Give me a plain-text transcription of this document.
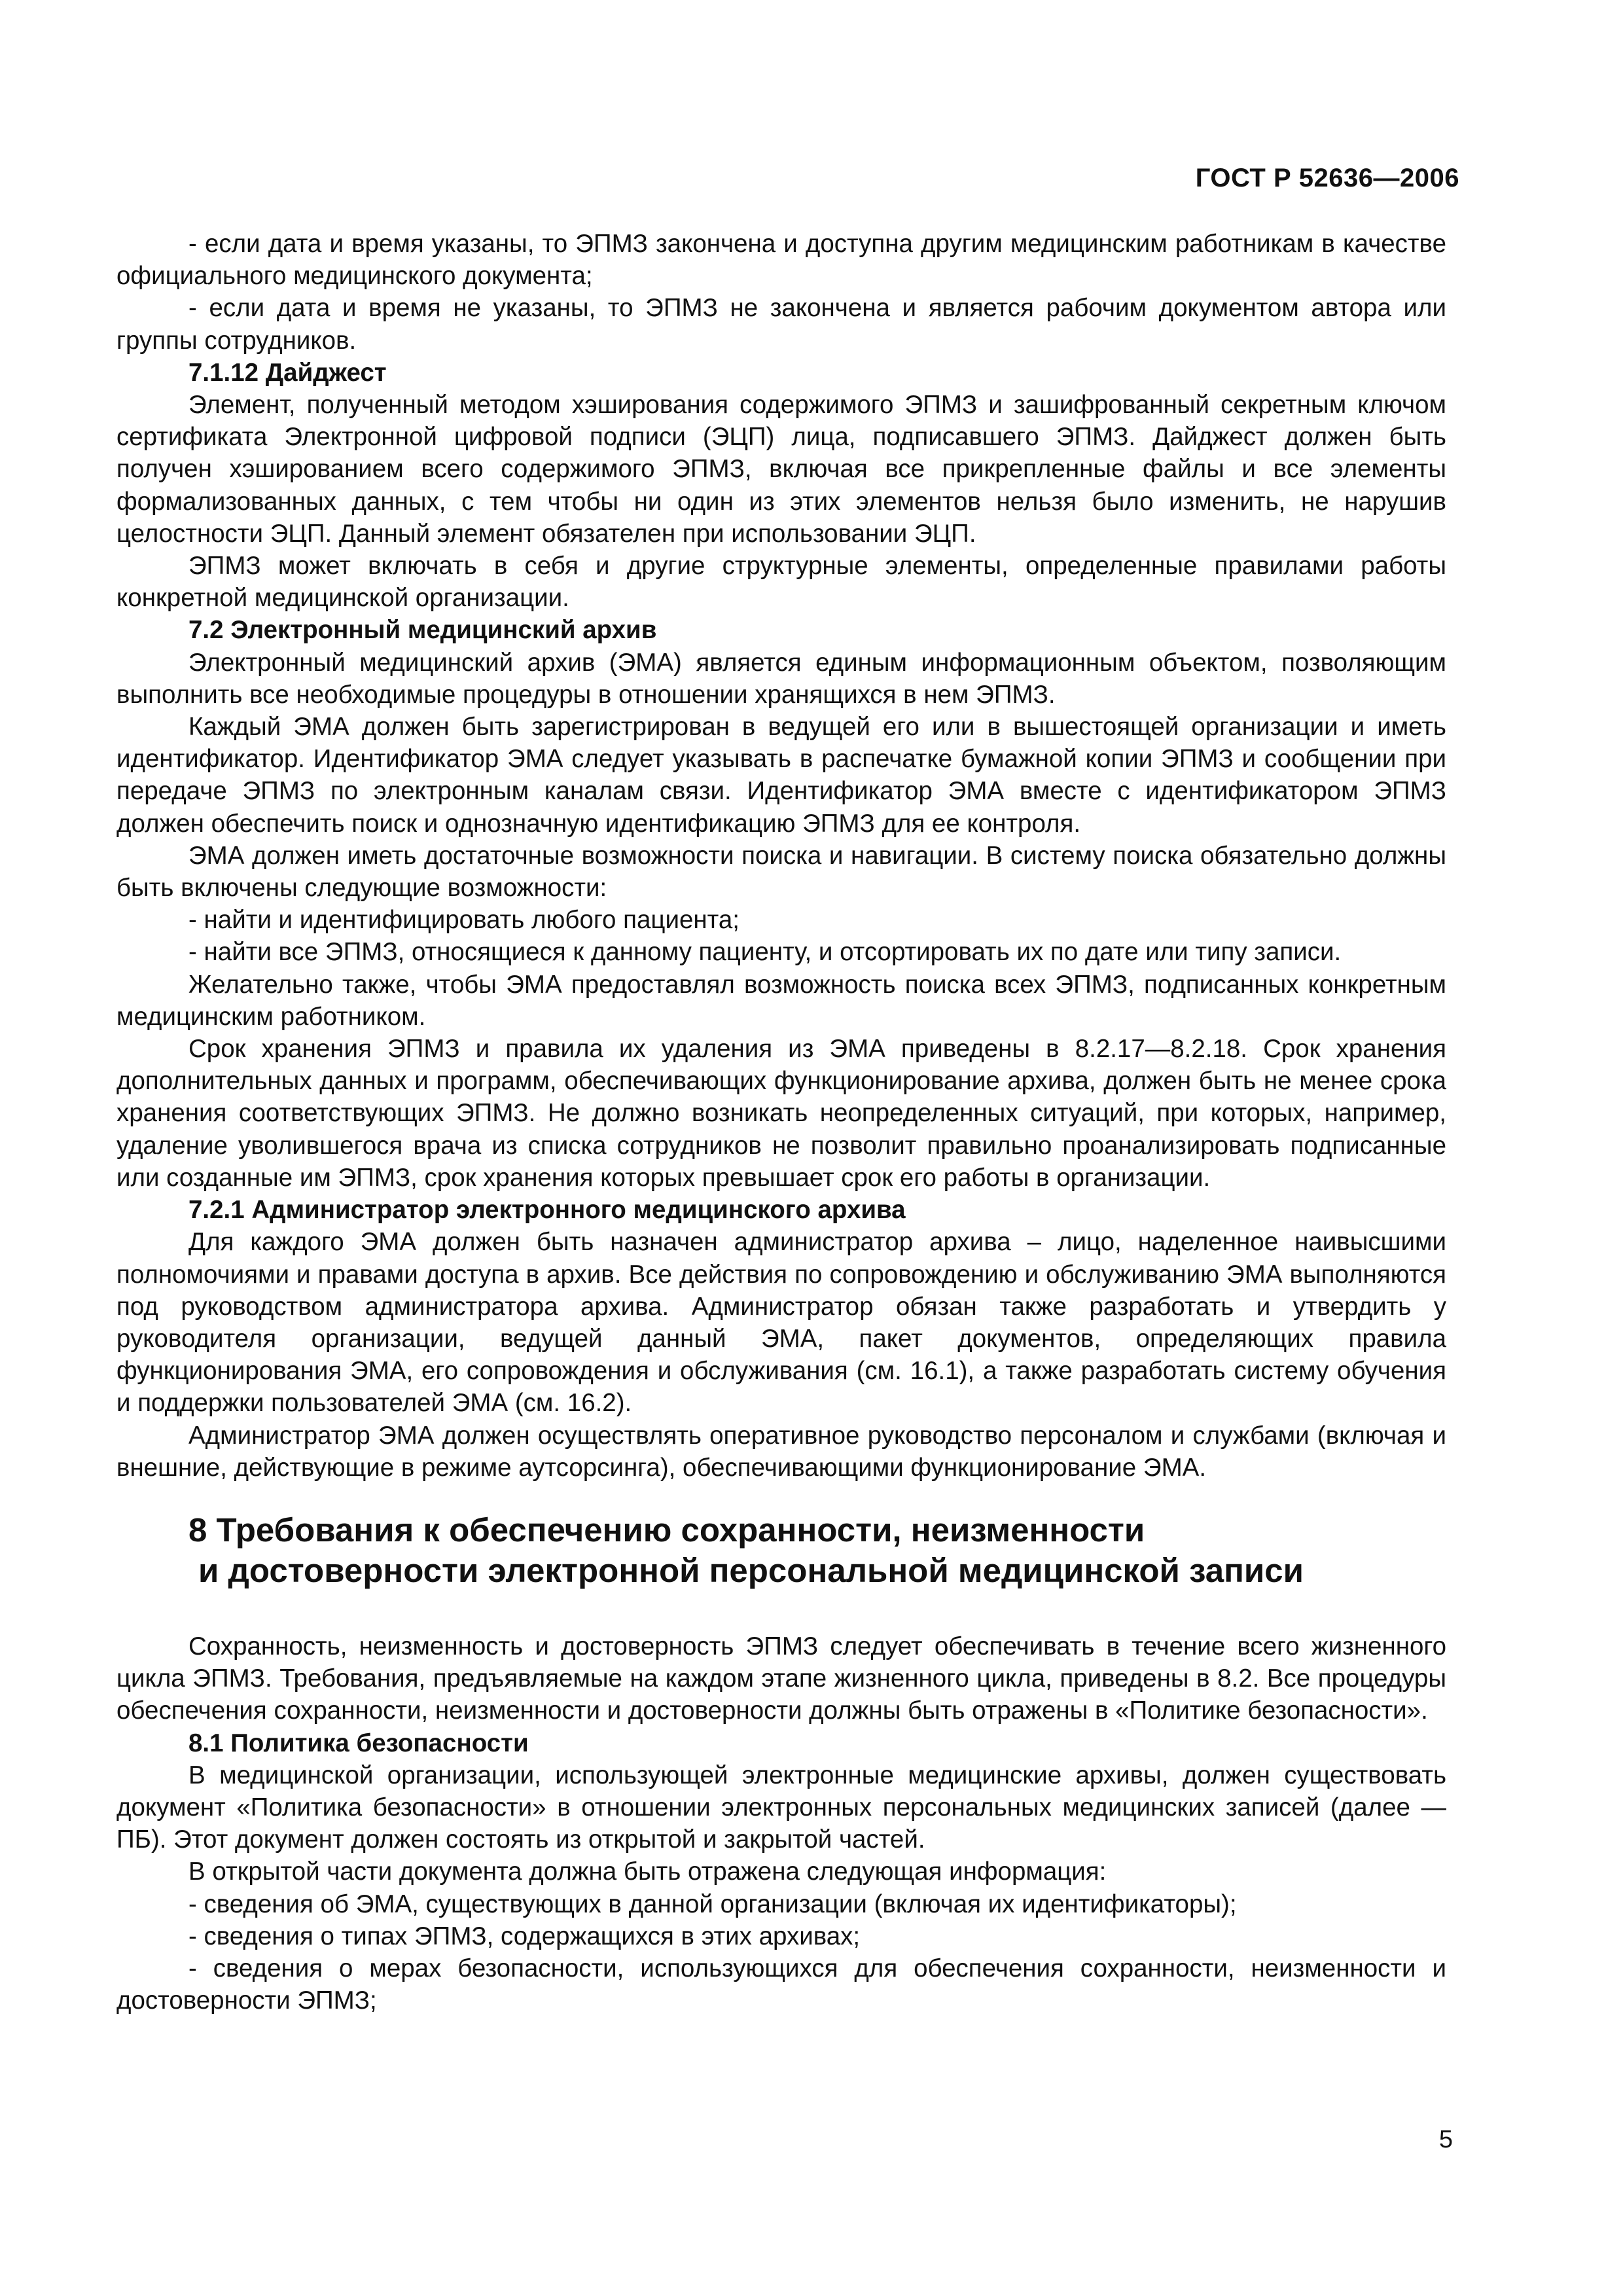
ГОСТ Р 52636—2006

- если дата и время указаны, то ЭПМЗ закончена и доступна другим медицинским работникам в качестве официального медицинского документа;

- если дата и время не указаны, то ЭПМЗ не закончена и является рабочим документом автора или группы сотрудников.

7.1.12 Дайджест

Элемент, полученный методом хэширования содержимого ЭПМЗ и зашифрованный секретным ключом сертификата Электронной цифровой подписи (ЭЦП) лица, подписавшего ЭПМЗ. Дайджест должен быть получен хэшированием всего содержимого ЭПМЗ, включая все прикрепленные файлы и все элементы формализованных данных, с тем чтобы ни один из этих элементов нельзя было изменить, не нарушив целостности ЭЦП. Данный элемент обязателен при использовании ЭЦП.

ЭПМЗ может включать в себя и другие структурные элементы, определенные правилами работы конкретной медицинской организации.

7.2 Электронный медицинский архив

Электронный медицинский архив (ЭМА) является единым информационным объектом, позволяющим выполнить все необходимые процедуры в отношении хранящихся в нем ЭПМЗ.

Каждый ЭМА должен быть зарегистрирован в ведущей его или в вышестоящей организации и иметь идентификатор. Идентификатор ЭМА следует указывать в распечатке бумажной копии ЭПМЗ и сообщении при передаче ЭПМЗ по электронным каналам связи. Идентификатор ЭМА вместе с идентификатором ЭПМЗ должен обеспечить поиск и однозначную идентификацию ЭПМЗ для ее контроля.

ЭМА должен иметь достаточные возможности поиска и навигации. В систему поиска обязательно должны быть включены следующие возможности:

- найти и идентифицировать любого пациента;

- найти все ЭПМЗ, относящиеся к данному пациенту, и отсортировать их по дате или типу записи.

Желательно также, чтобы ЭМА предоставлял возможность поиска всех ЭПМЗ, подписанных конкретным медицинским работником.

Срок хранения ЭПМЗ и правила их удаления из ЭМА приведены в 8.2.17—8.2.18. Срок хранения дополнительных данных и программ, обеспечивающих функционирование архива, должен быть не менее срока хранения соответствующих ЭПМЗ. Не должно возникать неопределенных ситуаций, при которых, например, удаление уволившегося врача из списка сотрудников не позволит правильно проанализировать подписанные или созданные им ЭПМЗ, срок хранения которых превышает срок его работы в организации.

7.2.1 Администратор электронного медицинского архива

Для каждого ЭМА должен быть назначен администратор архива – лицо, наделенное наивысшими полномочиями и правами доступа в архив. Все действия по сопровождению и обслуживанию ЭМА выполняются под руководством администратора архива. Администратор обязан также разработать и утвердить у руководителя организации, ведущей данный ЭМА, пакет документов, определяющих правила функционирования ЭМА, его сопровождения и обслуживания (см. 16.1), а также разработать систему обучения и поддержки пользователей ЭМА (см. 16.2).

Администратор ЭМА должен осуществлять оперативное руководство персоналом и службами (включая и внешние, действующие в режиме аутсорсинга), обеспечивающими функционирование ЭМА.

8 Требования к обеспечению сохранности, неизменности
и достоверности электронной персональной медицинской записи

Сохранность, неизменность и достоверность ЭПМЗ следует обеспечивать в течение всего жизненного цикла ЭПМЗ. Требования, предъявляемые на каждом этапе жизненного цикла, приведены в 8.2. Все процедуры обеспечения сохранности, неизменности и достоверности должны быть отражены в «Политике безопасности».

8.1 Политика безопасности

В медицинской организации, использующей электронные медицинские архивы, должен существовать документ «Политика безопасности» в отношении электронных персональных медицинских записей (далее — ПБ). Этот документ должен состоять из открытой и закрытой частей.

В открытой части документа должна быть отражена следующая информация:

- сведения об ЭМА, существующих в данной организации (включая их идентификаторы);

- сведения о типах ЭПМЗ, содержащихся в этих архивах;

- сведения о мерах безопасности, использующихся для обеспечения сохранности, неизменности и достоверности ЭПМЗ;

5
